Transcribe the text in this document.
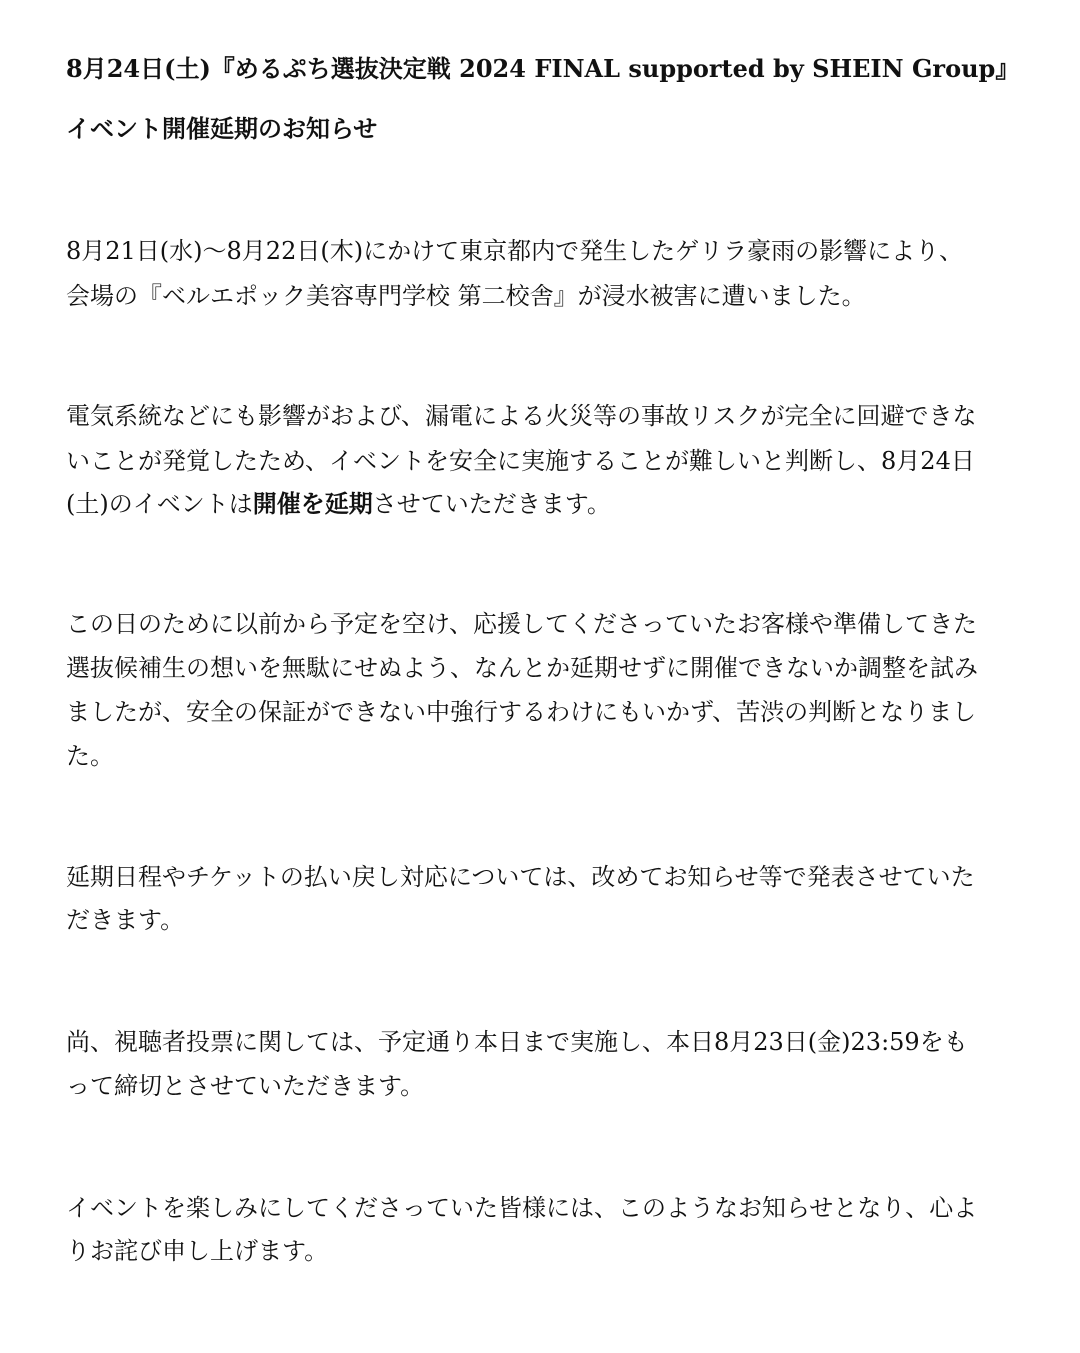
8月24日(土)『めるぷち選抜決定戦 2024 FINAL supported by SHEIN Group』
イベント開催延期のお知らせ
8月21日(水)〜8月22日(木)にかけて東京都内で発生したゲリラ豪雨の影響により、
会場の『ベルエポック美容専門学校 第二校舎』が浸水被害に遭いました。
電気系統などにも影響がおよび、漏電による火災等の事故リスクが完全に回避できな
いことが発覚したため、イベントを安全に実施することが難しいと判断し、8月24日
(土)のイベントは開催を延期させていただきます。
この日のために以前から予定を空け、応援してくださっていたお客様や準備してきた
選抜候補生の想いを無駄にせぬよう、なんとか延期せずに開催できないか調整を試み
ましたが、安全の保証ができない中強行するわけにもいかず、苦渋の判断となりまし
た。
延期日程やチケットの払い戻し対応については、改めてお知らせ等で発表させていた
だきます。
尚、視聴者投票に関しては、予定通り本日まで実施し、本日8月23日(金)23:59をも
って締切とさせていただきます。
イベントを楽しみにしてくださっていた皆様には、このようなお知らせとなり、心よ
りお詫び申し上げます。
